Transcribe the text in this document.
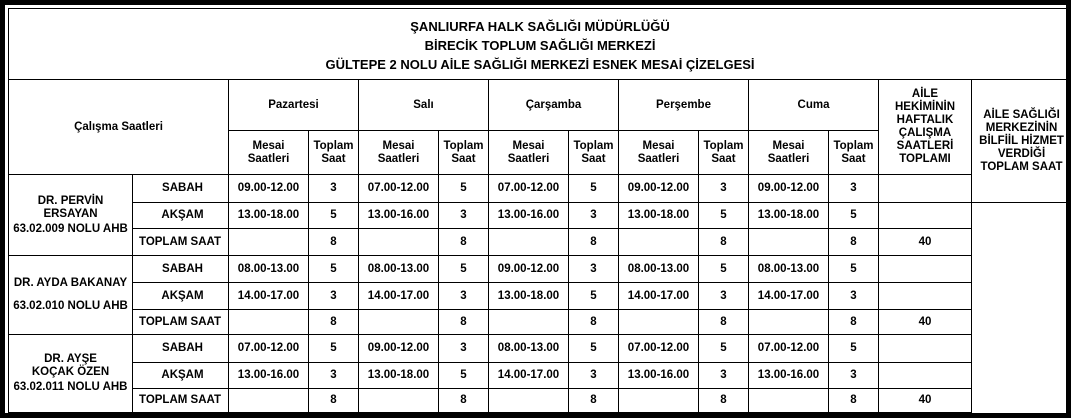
ŞANLIURFA HALK SAĞLIĞI MÜDÜRLÜĞÜ
BİRECİK TOPLUM SAĞLIĞI MERKEZİ
GÜLTEPE 2 NOLU AİLE SAĞLIĞI MERKEZİ ESNEK MESAİ ÇİZELGESİ														

Çalışma Saatleri		Pazartesi		Salı		Çarşamba		Perşembe		Cuma		AİLE HEKİMİNİN HAFTALIK ÇALIŞMA SAATLERİ TOPLAMI	AİLE SAĞLIĞI MERKEZİNİN BİLFİİL HİZMET VERDİĞİ TOPLAM SAAT	
		Mesai Saatleri	Toplam Saat	Mesai Saatleri	Toplam Saat	Mesai Saatleri	Toplam Saat	Mesai Saatleri	Toplam Saat	Mesai Saatleri	Toplam Saat			

DR. PERVİN ERSAYAN
63.02.009 NOLU AHB	SABAH	09.00-12.00	3	07.00-12.00	5	07.00-12.00	5	09.00-12.00	3	09.00-12.00	3		
	AKŞAM	13.00-18.00	5	13.00-16.00	3	13.00-16.00	3	13.00-18.00	5	13.00-18.00	5			
	TOPLAM SAAT		8		8		8		8		8	40		

DR. AYDA BAKANAY
63.02.010 NOLU AHB	SABAH	08.00-13.00	5	08.00-13.00	5	09.00-12.00	3	08.00-13.00	5	08.00-13.00	5			
	AKŞAM	14.00-17.00	3	14.00-17.00	3	13.00-18.00	5	14.00-17.00	3	14.00-17.00	3			
	TOPLAM SAAT		8		8		8		8		8	40		

DR. AYŞE
KOÇAK ÖZEN
63.02.011 NOLU AHB	SABAH	07.00-12.00	5	09.00-12.00	3	08.00-13.00	5	07.00-12.00	5	07.00-12.00	5			
	AKŞAM	13.00-16.00	3	13.00-18.00	5	14.00-17.00	3	13.00-16.00	3	13.00-16.00	3			
	TOPLAM SAAT		8		8		8		8		8	40		
